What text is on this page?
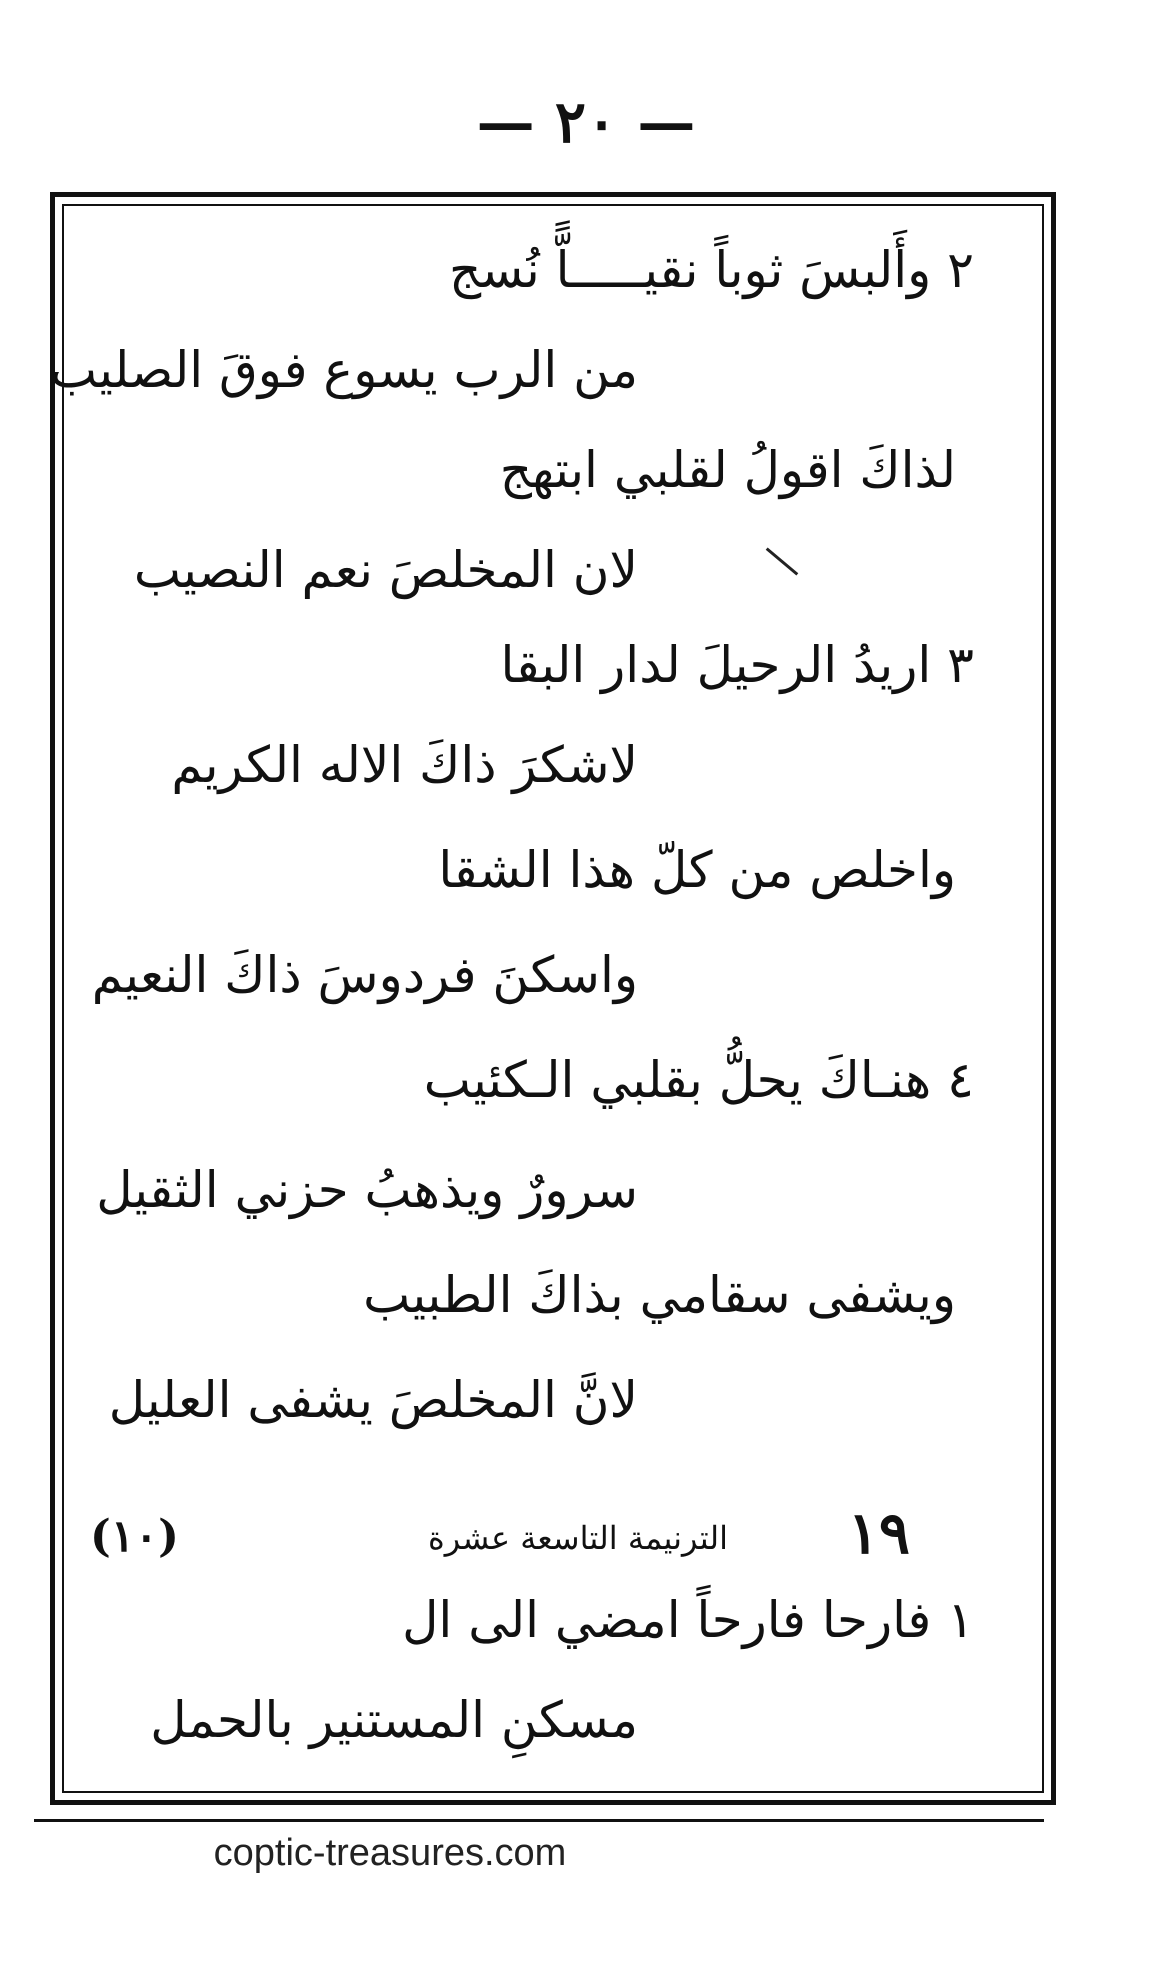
— ٢٠ —
٢ وأَلبسَ ثوباً نقيـــــاًّ نُسج
من الرب يسوع فوقَ الصليب
لذاكَ اقولُ لقلبي ابتهج
لان المخلصَ نعم النصيب
٣ اريدُ الرحيلَ لدار البقا
لاشكرَ ذاكَ الاله الكريم
واخلص من كلّ هذا الشقا
واسكنَ فردوسَ ذاكَ النعيم
٤ هنـاكَ يحلُّ بقلبي الـكئيب
سرورٌ ويذهبُ حزني الثقيل
ويشفى سقامي بذاكَ الطبيب
لانَّ المخلصَ يشفى العليل
١٩
الترنيمة التاسعة عشرة
(١٠)
١ فارحا فارحاً امضي الى ال
مسكنِ المستنير بالحمل
coptic-treasures.com
